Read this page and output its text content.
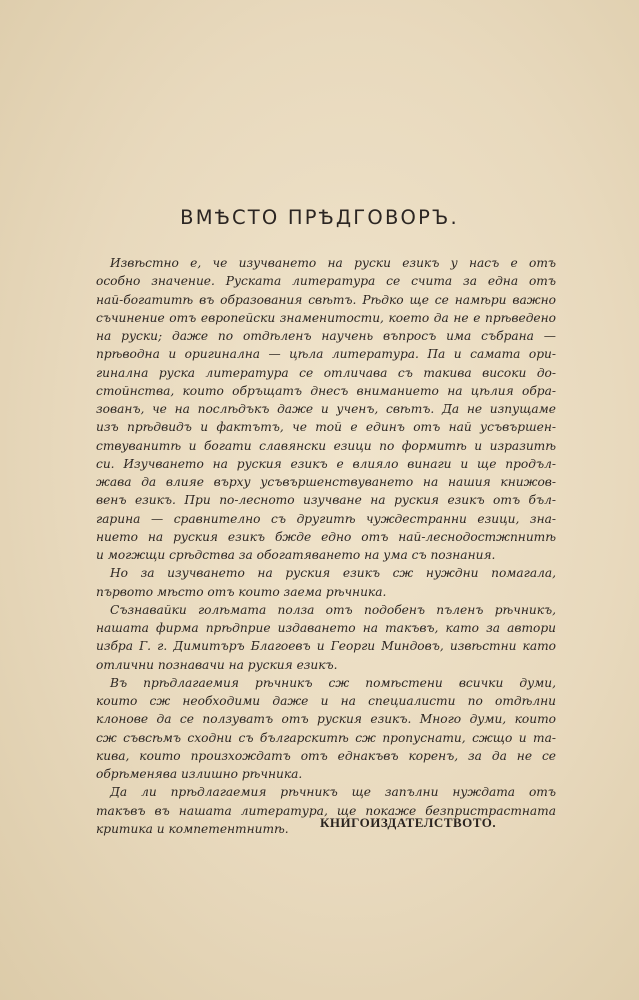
ВМѢСТО ПРѢДГОВОРЪ.

Извѣстно е, че изучването на руски езикъ у насъ е отъ
особно значение. Руската литература се счита за една отъ
най-богатитѣ въ образования свѣтъ. Рѣдко ще се намѣри важно
съчинение отъ европейски знаменитости, което да не е прѣведено
на руски; даже по отдѣленъ научень въпросъ има събрана —
прѣводна и оригинална — цѣла литература. Па и самата ори-
гинална руска литература се отличава съ такива високи до-
стойнства, които обръщатъ днесъ вниманието на цѣлия обра-
зованъ, че на послѣдъкъ даже и ученъ, свѣтъ. Да не изпущаме
изъ прѣдвидъ и фактътъ, че той е единъ отъ най усъвършен-
ствуванитѣ и богати славянски езици по формитѣ и изразитѣ
си. Изучването на руския езикъ е влияло винаги и ще продъл-
жава да влияе върху усъвършенствуването на нашия книжов-
венъ езикъ. При по-лесното изучване на руския езикъ отъ бъл-
гарина — сравнително съ другитѣ чуждестранни езици, зна-
нието на руския езикъ бжде едно отъ най-леснодостжпнитѣ
и могжщи срѣдства за обогатяването на ума съ познания.

Но за изучването на руския езикъ сж нуждни помагала,
първото мѣсто отъ които заема рѣчника.

Съзнавайки голѣмата полза отъ подобенъ пъленъ рѣчникъ,
нашата фирма прѣдприе издаването на такъвъ, като за автори
избра Г. г. Димитъръ Благоевъ и Георги Миндовъ, извѣстни като
отлични познавачи на руския езикъ.

Въ прѣдлагаемия рѣчникъ сж помѣстени всички думи,
които сж необходими даже и на специалисти по отдѣлни
клонове да се ползуватъ отъ руския езикъ. Много думи, които
сж съвсѣмъ сходни съ българскитѣ сж пропуснати, сжщо и та-
кива, които произхождатъ отъ еднакъвъ коренъ, за да не се
обрѣменява излишно рѣчника.

Да ли прѣдлагаемия рѣчникъ ще запълни нуждата отъ
такъвъ въ нашата литература, ще покаже безпристрастната
критика и компетентнитѣ.	КНИГОИЗДАТЕЛСТВОТО.
